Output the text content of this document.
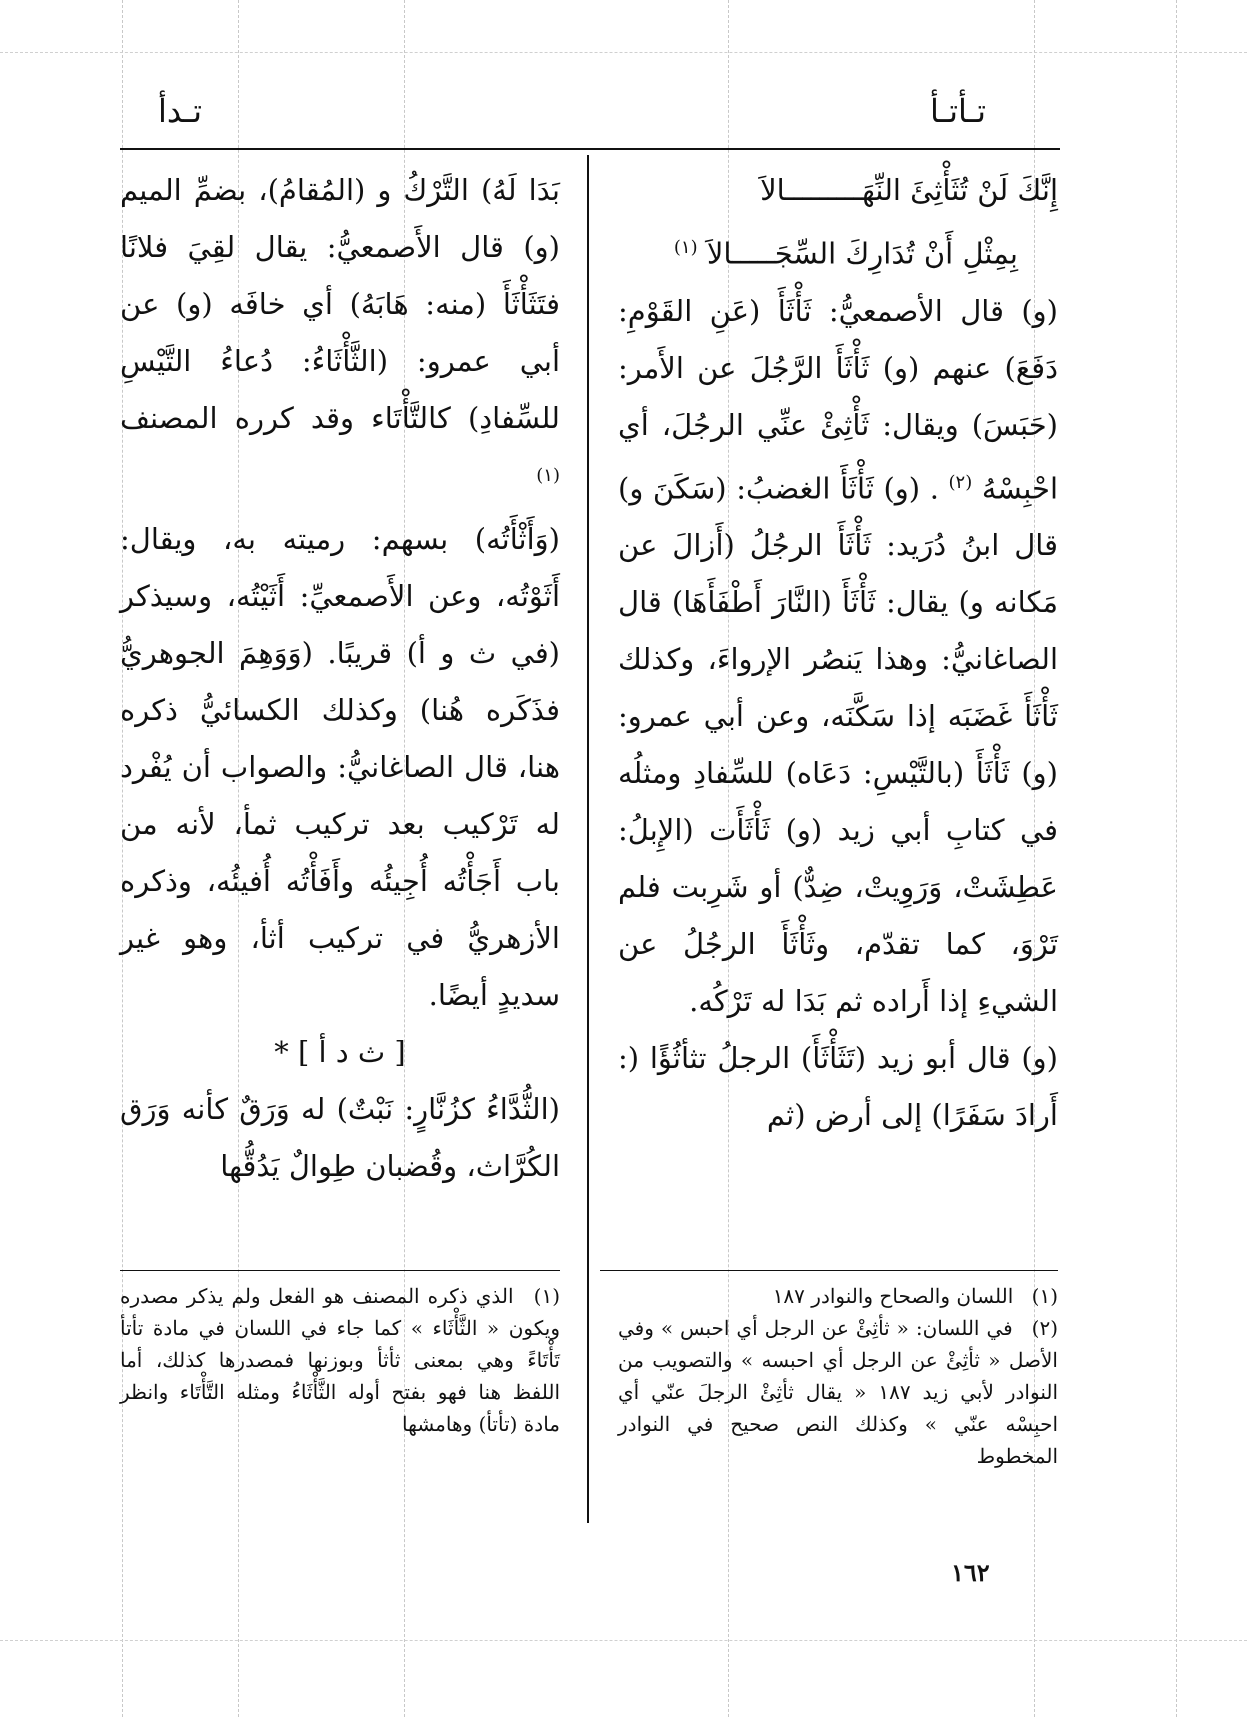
تـدأ	تـأتـأ

إِنَّكَ لَنْ تُثَأْثِئَ النِّهَـــــــــالاَ

بِمِثْلِ أَنْ تُدَارِكَ السِّجَـــــالاَ $^{(١)}$

(و) قال الأصمعيُّ: ثَأْثَأَ (عَنِ القَوْمِ: دَفَعَ) عنهم (و) ثَأْثَأَ الرَّجُلَ عن الأَمر: (حَبَسَ) ويقال: ثَأْثِئْ عنِّي الرجُلَ، أي احْبِسْهُ $^{(٢)}$ . (و) ثَأْثَأَ الغضبُ: (سَكَنَ و) قال ابنُ دُرَيد: ثَأْثَأَ الرجُلُ (أَزالَ عن مَكانه و) يقال: ثَأْثَأَ (النَّارَ أَطْفَأَهَا) قال الصاغانيُّ: وهذا يَنصُر الإرواءَ، وكذلك ثَأْثَأَ غَضَبَه إذا سَكَّنَه، وعن أبي عمرو: (و) ثَأْثَأَ (بالتَّيْسِ: دَعَاه) للسِّفادِ ومثلُه في كتابِ أبي زيد (و) ثَأْثَأَت (الإِبلُ: عَطِشَتْ، وَرَوِيتْ، ضِدٌّ) أو شَرِبت فلم تَرْوَ، كما تقدّم، وثَأْثَأَ الرجُلُ عن الشيءِ إذا أَراده ثم بَدَا له تَرْكُه.

(و) قال أبو زيد (تَثَأْثَأَ) الرجلُ تثأثُؤًا (: أَرادَ سَفَرًا) إلى أرض (ثم

بَدَا لَهُ) التَّرْكُ و (المُقامُ)، بضمِّ الميم (و) قال الأَصمعيُّ: يقال لقِيَ فلانًا فتَثَأْثَأَ (منه: هَابَهُ) أي خافَه (و) عن أبي عمرو: (الثَّأْثَاءُ: دُعاءُ التَّيْسِ للسِّفادِ) كالتَّأْتَاء وقد كرره المصنف $^{(١)}$

(وَأَثْأَتُه) بسهم: رميته به، ويقال: أَثَوْتُه، وعن الأَصمعيِّ: أَثَيْتُه، وسيذكر (في ث و أ) قريبًا. (وَوَهِمَ الجوهريُّ فذَكَره هُنا) وكذلك الكسائيُّ ذكره هنا، قال الصاغانيُّ: والصواب أن يُفْرد له تَرْكيب بعد تركيب ثمأ، لأنه من باب أَجَأْتُه أُجِيئُه وأَفَأْتُه أُفيئُه، وذكره الأزهريُّ في تركيب أثأ، وهو غير سديدٍ أيضًا.

[ ث د أ ] *

(الثُّدَّاءُ كزُنَّارٍ: نَبْتٌ) له وَرَقٌ كأنه وَرَق الكُرَّاث، وقُضبان طِوالٌ يَدُقُّها

(١) اللسان والصحاح والنوادر ١٨٧

(٢) في اللسان: « ثأثِئْ عن الرجل أي احبس » وفي الأصل « ثأثِئْ عن الرجل أي احبسه » والتصويب من النوادر لأبي زيد ١٨٧ « يقال ثأثِئْ الرجلَ عنّي أي احبِسْه عنّي » وكذلك النص صحيح في النوادر المخطوط

(١) الذي ذكره المصنف هو الفعل ولم يذكر مصدره ويكون « الثَّأْثَاء » كما جاء في اللسان في مادة تأتأ تَأْتَاءً وهي بمعنى ثأثأ وبوزنها فمصدرها كذلك، أما اللفظ هنا فهو بفتح أوله الثَّأْثَاءُ ومثله التَّأْتَاء وانظر مادة (تأتأ) وهامشها

١٦٢
